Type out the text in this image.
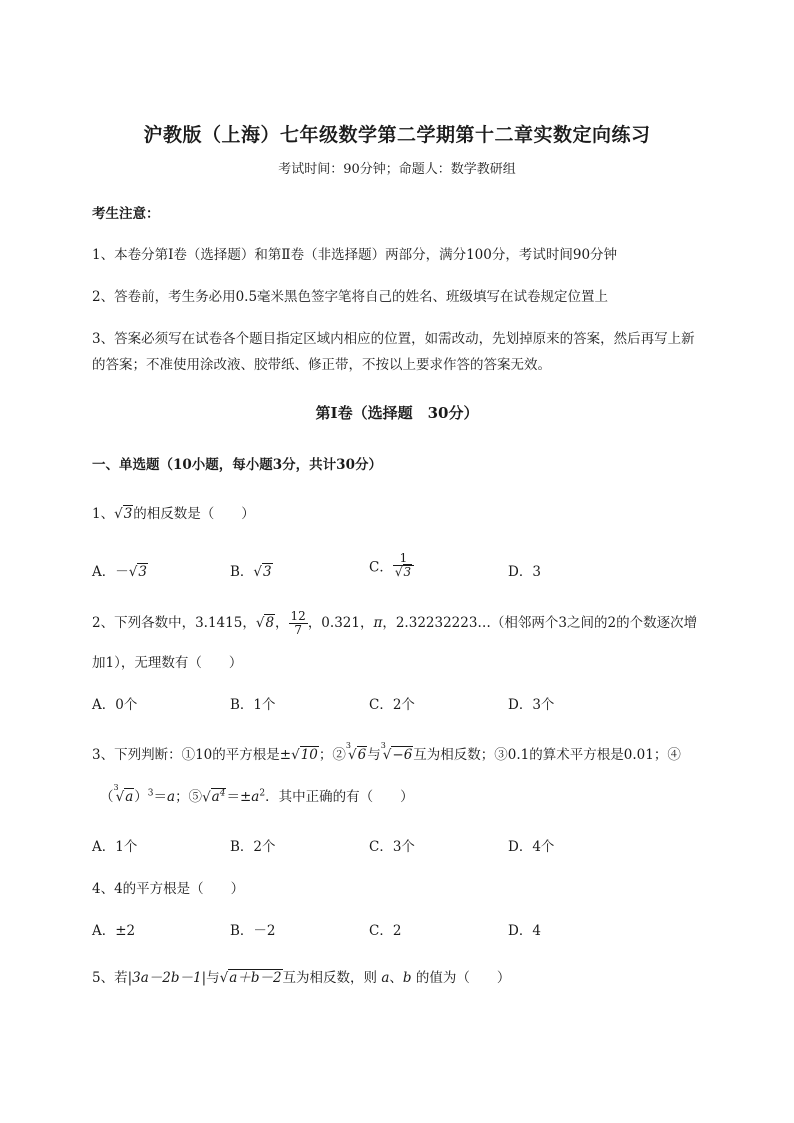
沪教版（上海）七年级数学第二学期第十二章实数定向练习
考试时间：90分钟；命题人：数学教研组
考生注意：
1、本卷分第I卷（选择题）和第Ⅱ卷（非选择题）两部分，满分100分，考试时间90分钟
2、答卷前，考生务必用0.5毫米黑色签字笔将自己的姓名、班级填写在试卷规定位置上
3、答案必须写在试卷各个题目指定区域内相应的位置，如需改动，先划掉原来的答案，然后再写上新
的答案；不准使用涂改液、胶带纸、修正带，不按以上要求作答的答案无效。
第I卷（选择题　30分）
一、单选题（10小题，每小题3分，共计30分）
1、√3的相反数是（　　）
A．－√3	B．√3	C． $\frac{1}{√3}$	D．3
2、下列各数中，3.1415，√8， $\frac{12}{7}$ ，0.321，π，2.32232223…（相邻两个3之间的2的个数逐次增
加1），无理数有（　　）
A．0个	B．1个	C．2个	D．3个
3、下列判断：①10的平方根是±√10；②$^3$√6与$^3$√−6互为相反数；③0.1的算术平方根是0.01；④
$(^3√a)^3=a$；$⑤√a^4=\pm a^2$．其中正确的有（　　）
A．1个	B．2个	C．3个	D．4个
4、4的平方根是（　　）
A．±2	B．－2	C．2	D．4
5、若|3a－2b－1|与√a＋b－2互为相反数，则 a、b 的值为（　　）
